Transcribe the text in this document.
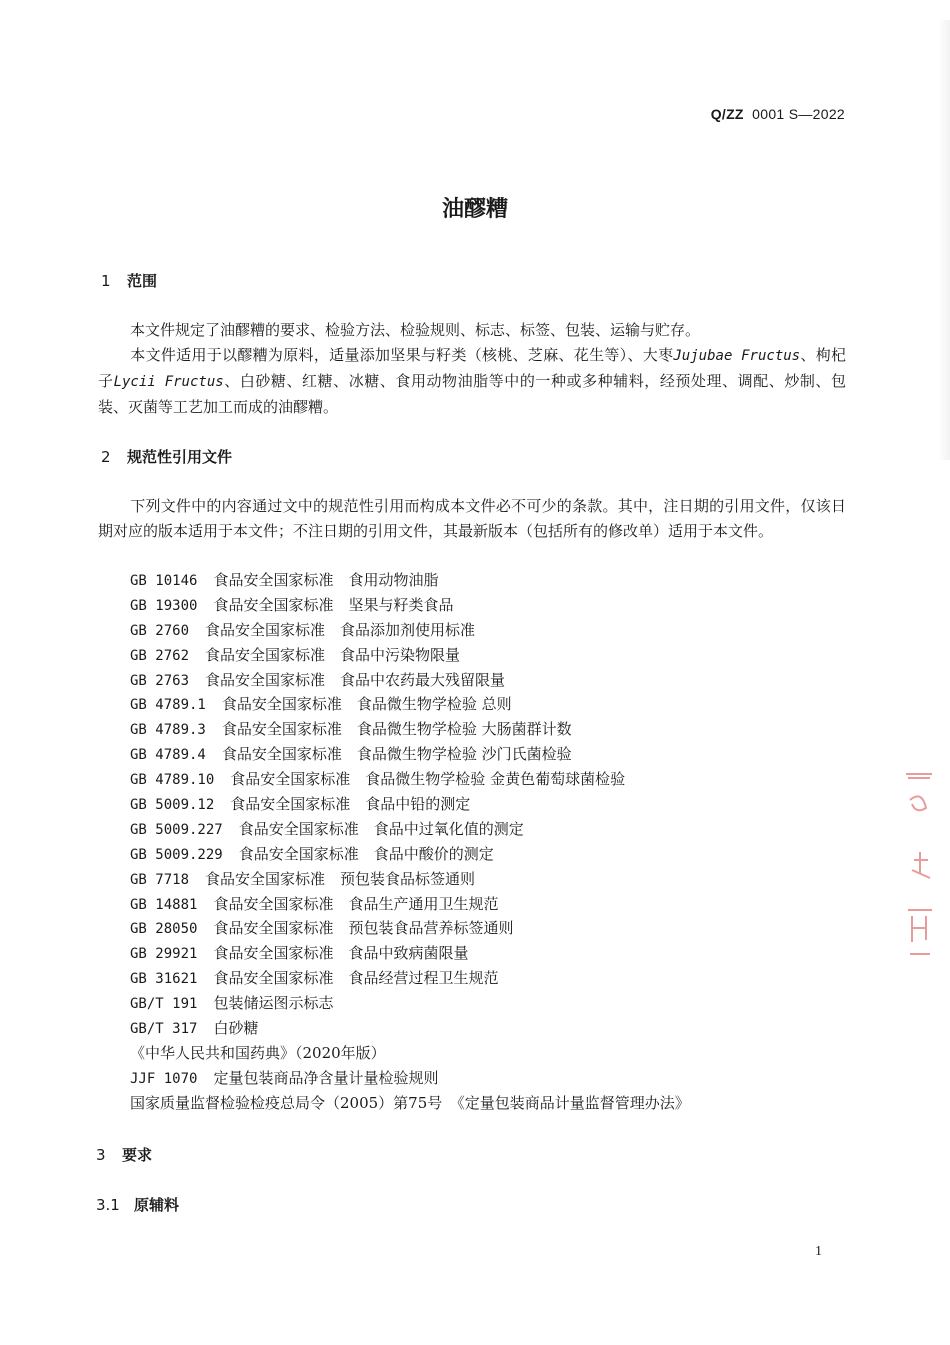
Q/ZZ 0001 S—2022
油醪糟
1 范围

本文件规定了油醪糟的要求、检验方法、检验规则、标志、标签、包装、运输与贮存。

本文件适用于以醪糟为原料，适量添加坚果与籽类（核桃、芝麻、花生等）、大枣Jujubae Fructus、枸杞子Lycii Fructus、白砂糖、红糖、冰糖、食用动物油脂等中的一种或多种辅料，经预处理、调配、炒制、包装、灭菌等工艺加工而成的油醪糟。

2 规范性引用文件

下列文件中的内容通过文中的规范性引用而构成本文件必不可少的条款。其中，注日期的引用文件，仅该日期对应的版本适用于本文件；不注日期的引用文件，其最新版本（包括所有的修改单）适用于本文件。

GB 10146 食品安全国家标准　食用动物油脂
GB 19300 食品安全国家标准　坚果与籽类食品
GB 2760 食品安全国家标准　食品添加剂使用标准
GB 2762 食品安全国家标准　食品中污染物限量
GB 2763 食品安全国家标准　食品中农药最大残留限量
GB 4789.1 食品安全国家标准　食品微生物学检验 总则
GB 4789.3 食品安全国家标准　食品微生物学检验 大肠菌群计数
GB 4789.4 食品安全国家标准　食品微生物学检验 沙门氏菌检验
GB 4789.10 食品安全国家标准　食品微生物学检验 金黄色葡萄球菌检验
GB 5009.12 食品安全国家标准　食品中铅的测定
GB 5009.227 食品安全国家标准　食品中过氧化值的测定
GB 5009.229 食品安全国家标准　食品中酸价的测定
GB 7718 食品安全国家标准　预包装食品标签通则
GB 14881 食品安全国家标准　食品生产通用卫生规范
GB 28050 食品安全国家标准　预包装食品营养标签通则
GB 29921 食品安全国家标准　食品中致病菌限量
GB 31621 食品安全国家标准　食品经营过程卫生规范
GB/T 191 包装储运图示标志
GB/T 317 白砂糖
《中华人民共和国药典》（2020年版）
JJF 1070 定量包装商品净含量计量检验规则
国家质量监督检验检疫总局令（2005）第75号　《定量包装商品计量监督管理办法》
3 要求
3.1 原辅料
1
